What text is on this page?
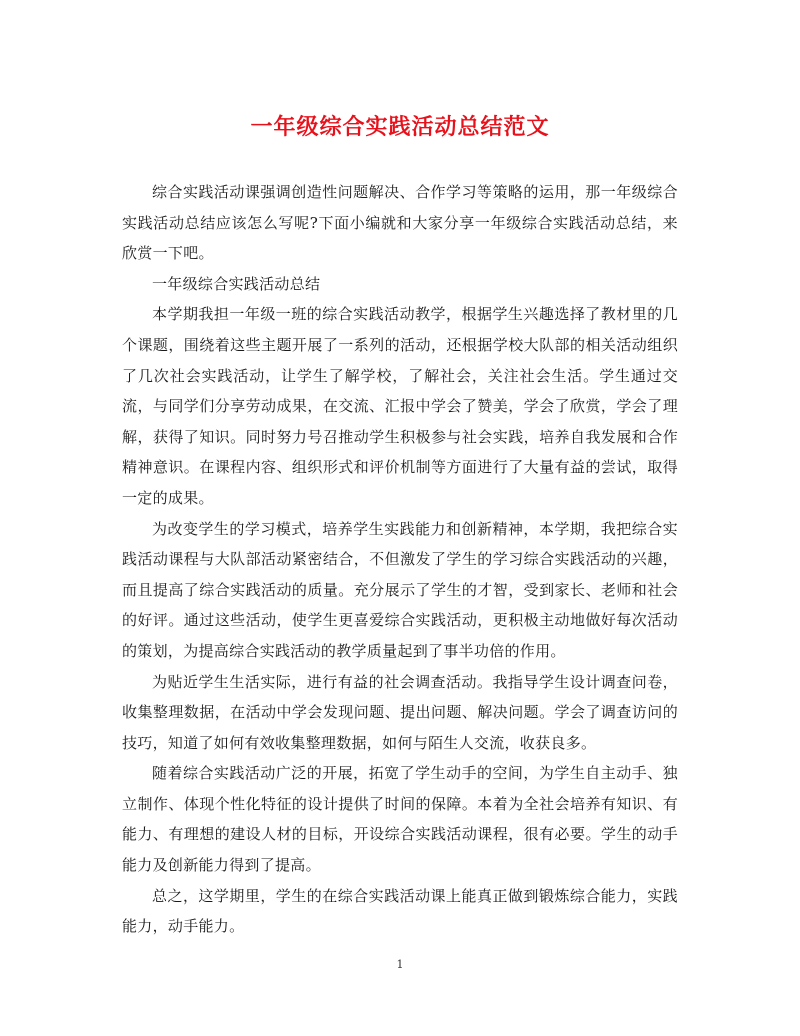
一年级综合实践活动总结范文

综合实践活动课强调创造性问题解决、合作学习等策略的运用，那一年级综合实践活动总结应该怎么写呢?下面小编就和大家分享一年级综合实践活动总结，来欣赏一下吧。

一年级综合实践活动总结

本学期我担一年级一班的综合实践活动教学，根据学生兴趣选择了教材里的几个课题，围绕着这些主题开展了一系列的活动，还根据学校大队部的相关活动组织了几次社会实践活动，让学生了解学校，了解社会，关注社会生活。学生通过交流，与同学们分享劳动成果，在交流、汇报中学会了赞美，学会了欣赏，学会了理解，获得了知识。同时努力号召推动学生积极参与社会实践，培养自我发展和合作精神意识。在课程内容、组织形式和评价机制等方面进行了大量有益的尝试，取得一定的成果。

为改变学生的学习模式，培养学生实践能力和创新精神，本学期，我把综合实践活动课程与大队部活动紧密结合，不但激发了学生的学习综合实践活动的兴趣，而且提高了综合实践活动的质量。充分展示了学生的才智，受到家长、老师和社会的好评。通过这些活动，使学生更喜爱综合实践活动，更积极主动地做好每次活动的策划，为提高综合实践活动的教学质量起到了事半功倍的作用。

为贴近学生生活实际，进行有益的社会调查活动。我指导学生设计调查问卷，收集整理数据，在活动中学会发现问题、提出问题、解决问题。学会了调查访问的技巧，知道了如何有效收集整理数据，如何与陌生人交流，收获良多。

随着综合实践活动广泛的开展，拓宽了学生动手的空间，为学生自主动手、独立制作、体现个性化特征的设计提供了时间的保障。本着为全社会培养有知识、有能力、有理想的建设人材的目标，开设综合实践活动课程，很有必要。学生的动手能力及创新能力得到了提高。

总之，这学期里，学生的在综合实践活动课上能真正做到锻炼综合能力，实践能力，动手能力。

1
